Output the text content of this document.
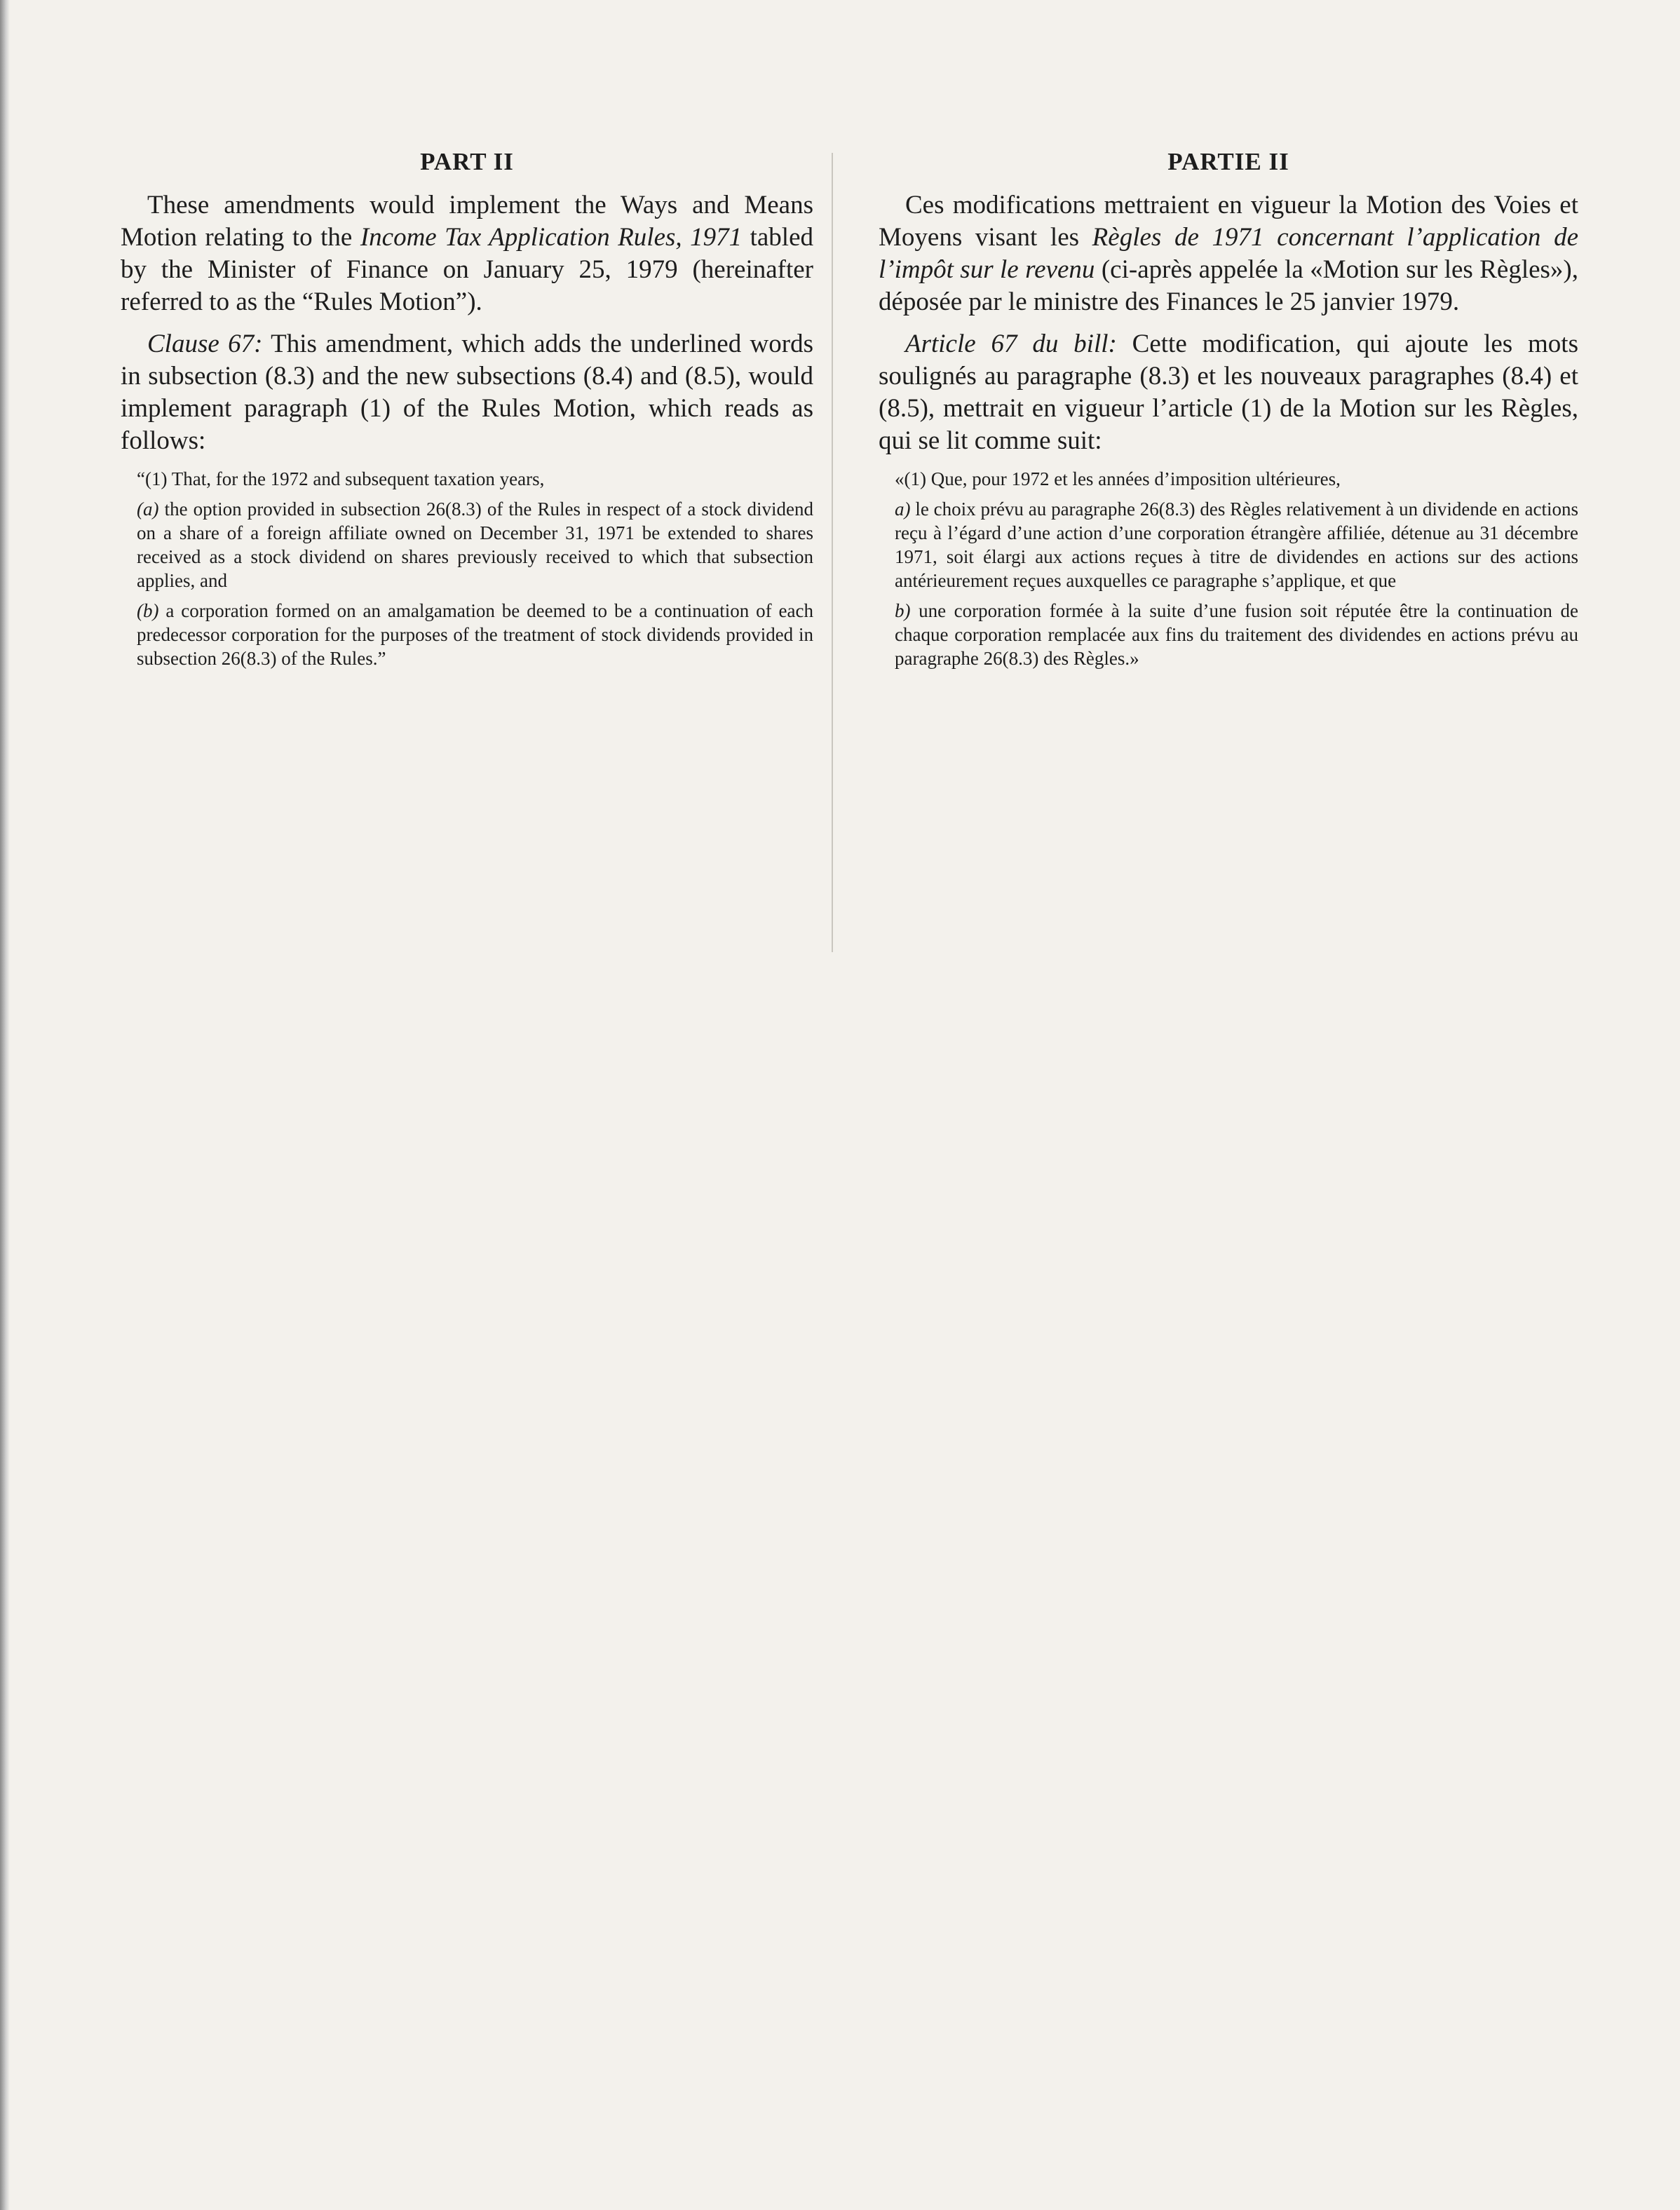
PART II

These amendments would implement the Ways and Means Motion relating to the Income Tax Application Rules, 1971 tabled by the Minister of Finance on January 25, 1979 (hereinafter referred to as the “Rules Motion”).

Clause 67: This amendment, which adds the underlined words in subsection (8.3) and the new subsections (8.4) and (8.5), would implement paragraph (1) of the Rules Motion, which reads as follows:

“(1) That, for the 1972 and subsequent taxation years,

(a) the option provided in subsection 26(8.3) of the Rules in respect of a stock dividend on a share of a foreign affiliate owned on December 31, 1971 be extended to shares received as a stock dividend on shares previously received to which that subsection applies, and

(b) a corporation formed on an amalgamation be deemed to be a continuation of each predecessor corporation for the purposes of the treatment of stock dividends provided in subsection 26(8.3) of the Rules.”

PARTIE II

Ces modifications mettraient en vigueur la Motion des Voies et Moyens visant les Règles de 1971 concernant l’application de l’impôt sur le revenu (ci-après appelée la «Motion sur les Règles»), déposée par le ministre des Finances le 25 janvier 1979.

Article 67 du bill: Cette modification, qui ajoute les mots soulignés au paragraphe (8.3) et les nouveaux paragraphes (8.4) et (8.5), mettrait en vigueur l’article (1) de la Motion sur les Règles, qui se lit comme suit:

«(1) Que, pour 1972 et les années d’imposition ultérieures,

a) le choix prévu au paragraphe 26(8.3) des Règles relativement à un dividende en actions reçu à l’égard d’une action d’une corporation étrangère affiliée, détenue au 31 décembre 1971, soit élargi aux actions reçues à titre de dividendes en actions sur des actions antérieurement reçues auxquelles ce paragraphe s’applique, et que

b) une corporation formée à la suite d’une fusion soit réputée être la continuation de chaque corporation remplacée aux fins du traitement des dividendes en actions prévu au paragraphe 26(8.3) des Règles.»
